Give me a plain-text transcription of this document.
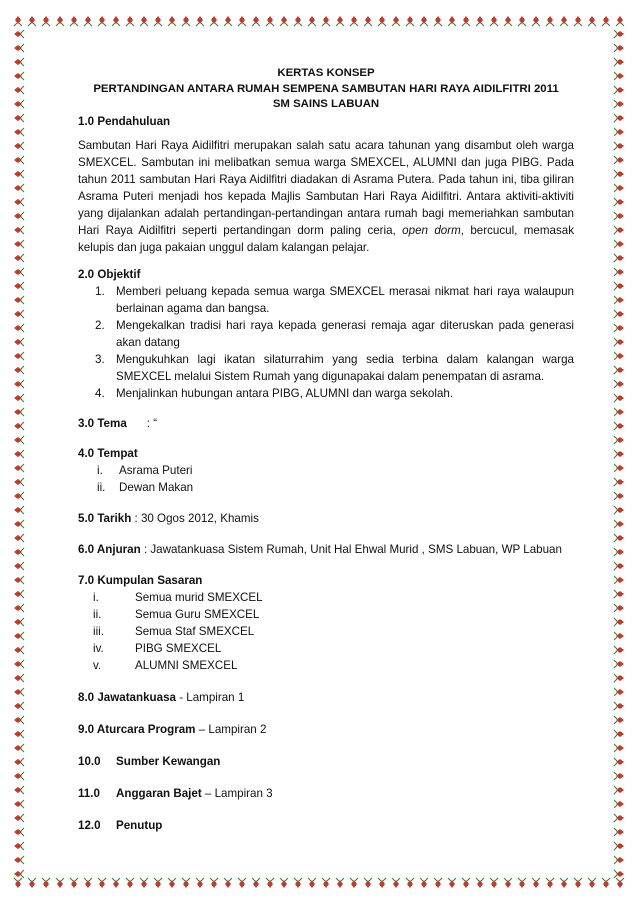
KERTAS KONSEP
PERTANDINGAN ANTARA RUMAH SEMPENA SAMBUTAN HARI RAYA AIDILFITRI 2011
SM SAINS LABUAN

1.0 Pendahuluan

Sambutan Hari Raya Aidilfitri merupakan salah satu acara tahunan yang disambut oleh warga SMEXCEL. Sambutan ini melibatkan semua warga SMEXCEL, ALUMNI dan juga PIBG. Pada tahun 2011 sambutan Hari Raya Aidilfitri diadakan di Asrama Putera. Pada tahun ini, tiba giliran Asrama Puteri menjadi hos kepada Majlis Sambutan Hari Raya Aidilfitri. Antara aktiviti-aktiviti yang dijalankan adalah pertandingan-pertandingan antara rumah bagi memeriahkan sambutan Hari Raya Aidilfitri seperti pertandingan dorm paling ceria, open dorm, bercucul, memasak kelupis dan juga pakaian unggul dalam kalangan pelajar.

2.0 Objektif

1. Memberi peluang kepada semua warga SMEXCEL merasai nikmat hari raya walaupun berlainan agama dan bangsa.
2. Mengekalkan tradisi hari raya kepada generasi remaja agar diteruskan pada generasi akan datang
3. Mengukuhkan lagi ikatan silaturrahim yang sedia terbina dalam kalangan warga SMEXCEL melalui Sistem Rumah yang digunapakai dalam penempatan di asrama.
4. Menjalinkan hubungan antara PIBG, ALUMNI dan warga sekolah.

3.0 Tema : “

4.0 Tempat

i.	Asrama Puteri
ii.	Dewan Makan

5.0 Tarikh : 30 Ogos 2012, Khamis

6.0 Anjuran : Jawatankuasa Sistem Rumah, Unit Hal Ehwal Murid , SMS Labuan, WP Labuan

7.0 Kumpulan Sasaran

i.	Semua murid SMEXCEL
ii.	Semua Guru SMEXCEL
iii.	Semua Staf SMEXCEL
iv.	PIBG SMEXCEL
v.	ALUMNI SMEXCEL

8.0 Jawatankuasa - Lampiran 1

9.0 Aturcara Program – Lampiran 2

10.0	Sumber Kewangan
11.0	Anggaran Bajet – Lampiran 3
12.0	Penutup
